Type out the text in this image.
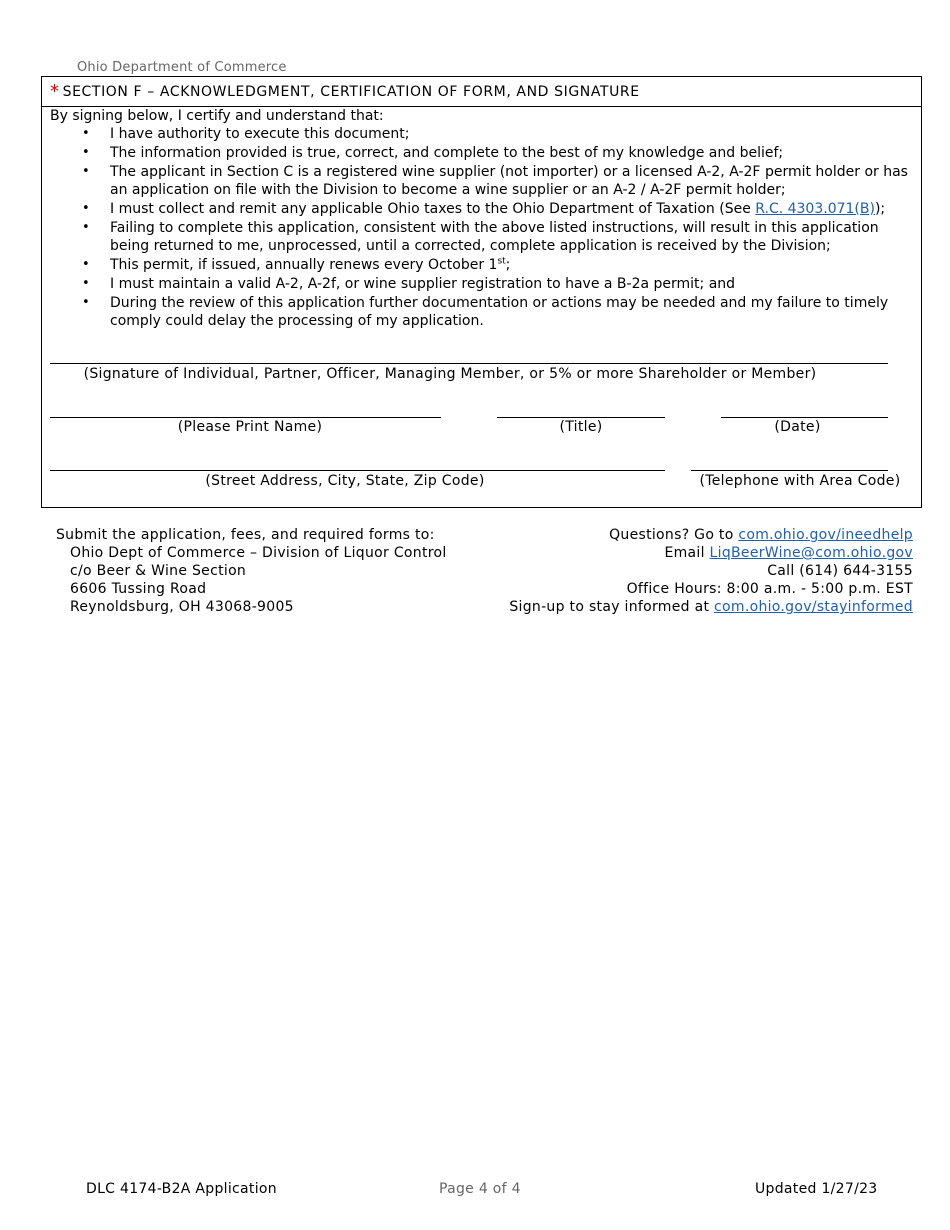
Ohio Department of Commerce
* SECTION F – ACKNOWLEDGMENT, CERTIFICATION OF FORM, AND SIGNATURE
By signing below, I certify and understand that:
• I have authority to execute this document;
• The information provided is true, correct, and complete to the best of my knowledge and belief;
• The applicant in Section C is a registered wine supplier (not importer) or a licensed A-2, A-2F permit holder or has an application on file with the Division to become a wine supplier or an A-2 / A-2F permit holder;
• I must collect and remit any applicable Ohio taxes to the Ohio Department of Taxation (See R.C. 4303.071(B));
• Failing to complete this application, consistent with the above listed instructions, will result in this application being returned to me, unprocessed, until a corrected, complete application is received by the Division;
• This permit, if issued, annually renews every October 1st;
• I must maintain a valid A-2, A-2f, or wine supplier registration to have a B-2a permit; and
• During the review of this application further documentation or actions may be needed and my failure to timely comply could delay the processing of my application.
(Signature of Individual, Partner, Officer, Managing Member, or 5% or more Shareholder or Member)
(Please Print Name)	(Title)	(Date)
(Street Address, City, State, Zip Code)	(Telephone with Area Code)
Submit the application, fees, and required forms to:
Ohio Dept of Commerce – Division of Liquor Control
c/o Beer & Wine Section
6606 Tussing Road
Reynoldsburg, OH 43068-9005
Questions? Go to com.ohio.gov/ineedhelp
Email LiqBeerWine@com.ohio.gov
Call (614) 644-3155
Office Hours: 8:00 a.m. - 5:00 p.m. EST
Sign-up to stay informed at com.ohio.gov/stayinformed
DLC 4174-B2A Application	Page 4 of 4	Updated 1/27/23
